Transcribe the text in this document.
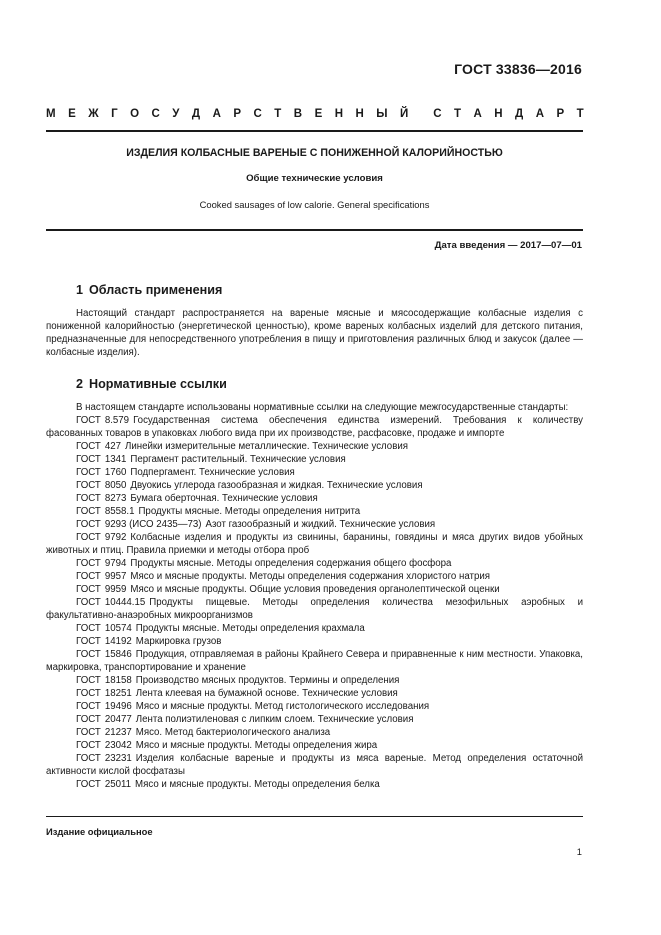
ГОСТ 33836—2016
М Е Ж Г О С У Д А Р С Т В Е Н Н Ы Й С Т А Н Д А Р Т
ИЗДЕЛИЯ КОЛБАСНЫЕ ВАРЕНЫЕ С ПОНИЖЕННОЙ КАЛОРИЙНОСТЬЮ
Общие технические условия
Cooked sausages of low calorie. General specifications
Дата введения — 2017—07—01
1 Область применения

Настоящий стандарт распространяется на вареные мясные и мясосодержащие колбасные изделия с пониженной калорийностью (энергетической ценностью), кроме вареных колбасных изделий для детского питания, предназначенные для непосредственного употребления в пищу и приготовления различных блюд и закусок (далее — колбасные изделия).

2 Нормативные ссылки

В настоящем стандарте использованы нормативные ссылки на следующие межгосударственные стандарты:

ГОСТ 8.579 Государственная система обеспечения единства измерений. Требования к количеству фасованных товаров в упаковках любого вида при их производстве, расфасовке, продаже и импорте

ГОСТ 427 Линейки измерительные металлические. Технические условия

ГОСТ 1341 Пергамент растительный. Технические условия

ГОСТ 1760 Подпергамент. Технические условия

ГОСТ 8050 Двуокись углерода газообразная и жидкая. Технические условия

ГОСТ 8273 Бумага оберточная. Технические условия

ГОСТ 8558.1 Продукты мясные. Методы определения нитрита

ГОСТ 9293 (ИСО 2435—73) Азот газообразный и жидкий. Технические условия

ГОСТ 9792 Колбасные изделия и продукты из свинины, баранины, говядины и мяса других видов убойных животных и птиц. Правила приемки и методы отбора проб

ГОСТ 9794 Продукты мясные. Методы определения содержания общего фосфора

ГОСТ 9957 Мясо и мясные продукты. Методы определения содержания хлористого натрия

ГОСТ 9959 Мясо и мясные продукты. Общие условия проведения органолептической оценки

ГОСТ 10444.15 Продукты пищевые. Методы определения количества мезофильных аэробных и факультативно-анаэробных микроорганизмов

ГОСТ 10574 Продукты мясные. Методы определения крахмала

ГОСТ 14192 Маркировка грузов

ГОСТ 15846 Продукция, отправляемая в районы Крайнего Севера и приравненные к ним местности. Упаковка, маркировка, транспортирование и хранение

ГОСТ 18158 Производство мясных продуктов. Термины и определения

ГОСТ 18251 Лента клеевая на бумажной основе. Технические условия

ГОСТ 19496 Мясо и мясные продукты. Метод гистологического исследования

ГОСТ 20477 Лента полиэтиленовая с липким слоем. Технические условия

ГОСТ 21237 Мясо. Метод бактериологического анализа

ГОСТ 23042 Мясо и мясные продукты. Методы определения жира

ГОСТ 23231 Изделия колбасные вареные и продукты из мяса вареные. Метод определения остаточной активности кислой фосфатазы

ГОСТ 25011 Мясо и мясные продукты. Методы определения белка

Издание официальное
1
